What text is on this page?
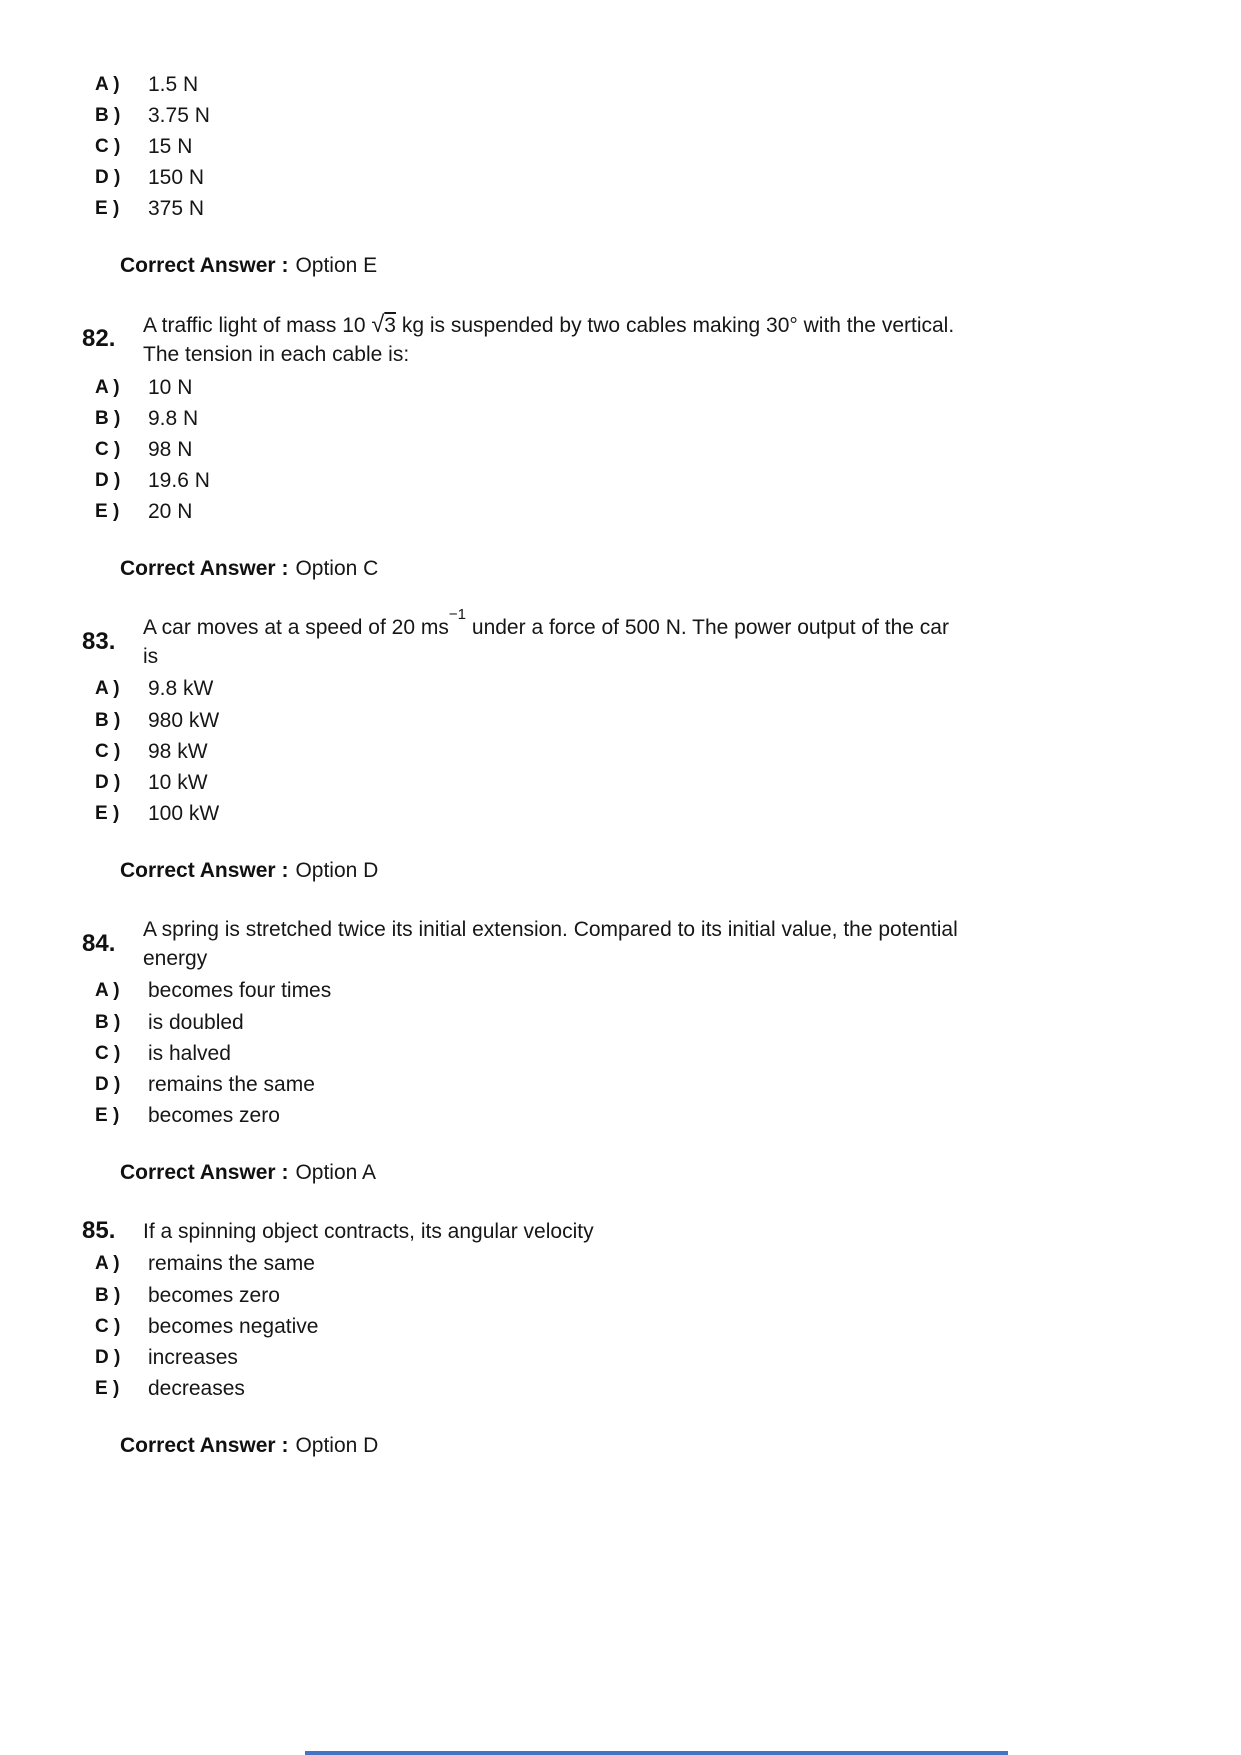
A )	1.5 N
B )	3.75 N
C )	15 N
D )	150 N
E )	375 N
Correct Answer : Option E
82.	A traffic light of mass 10 √3 kg is suspended by two cables making 30° with the vertical.
The tension in each cable is:
A )	10 N
B )	9.8 N
C )	98 N
D )	19.6 N
E )	20 N
Correct Answer : Option C
83.
A car moves at a speed of 20 $ms^{-1}$ under a force of 500 N. The power output of the car
is
A )	9.8 kW
B )	980 kW
C )	98 kW
D )	10 kW
E )	100 kW
Correct Answer : Option D
84.
A spring is stretched twice its initial extension. Compared to its initial value, the potential
energy
A )	becomes four times
B )	is doubled
C )	is halved
D )	remains the same
E )	becomes zero
Correct Answer : Option A
85.	If a spinning object contracts, its angular velocity
A )	remains the same
B )	becomes zero
C )	becomes negative
D )	increases
E )	decreases
Correct Answer : Option D
